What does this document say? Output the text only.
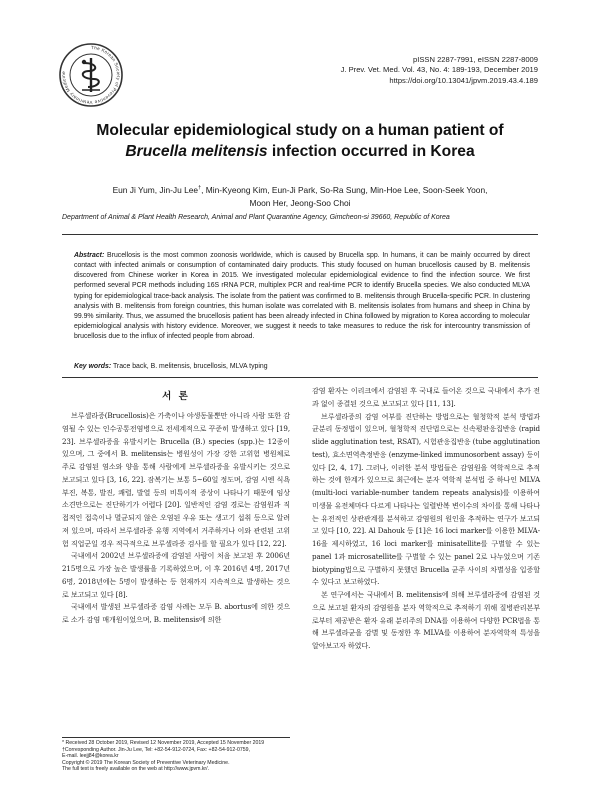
The Korean Society of Preventive Veterinary Medicine
pISSN 2287-7991, eISSN 2287-8009
J. Prev. Vet. Med. Vol. 43, No. 4: 189-193, December 2019
https://doi.org/10.13041/jpvm.2019.43.4.189
Molecular epidemiological study on a human patient of
Brucella melitensis infection occurred in Korea
Eun Ji Yum, Jin-Ju Lee†, Min-Kyeong Kim, Eun-Ji Park, So-Ra Sung, Min-Hoe Lee, Soon-Seek Yoon,
Moon Her, Jeong-Soo Choi
Department of Animal & Plant Health Research, Animal and Plant Quarantine Agency, Gimcheon-si 39660, Republic of Korea
Abstract: Brucellosis is the most common zoonosis worldwide, which is caused by Brucella spp. In humans, it can be mainly occurred by direct contact with infected animals or consumption of contaminated dairy products. This study focused on human brucellosis caused by B. melitensis discovered from Chinese worker in Korea in 2015. We investigated molecular epidemiological evidence to find the infection source. We first performed several PCR methods including 16S rRNA PCR, multiplex PCR and real-time PCR to identify Brucella species. We also conducted MLVA typing for epidemiological trace-back analysis. The isolate from the patient was confirmed to B. melitensis through Brucella-specific PCR. In clustering analysis with B. melitensis from foreign countries, this human isolate was correlated with B. melitensis isolates from humans and sheep in China by 99.9% similarity. Thus, we assumed the brucellosis patient has been already infected in China followed by migration to Korea according to molecular epidemiological analysis with history evidence. Moreover, we suggest it needs to take measures to reduce the risk for intercountry transmission of brucellosis due to the influx of infected people from abroad.
Key words: Trace back, B. melitensis, brucellosis, MLVA typing
서 론

브루셀라증(Brucellosis)은 가축이나 야생동물뿐만 아니라 사람 또한 감염될 수 있는 인수공통전염병으로 전세계적으로 꾸준히 발생하고 있다 [19, 23]. 브루셀라증을 유발시키는 Brucella (B.) species (spp.)는 12종이 있으며, 그 중에서 B. melitensis는 병원성이 가장 강한 고위험 병원체로 주로 감염된 염소와 양을 통해 사람에게 브루셀라증을 유발시키는 것으로 보고되고 있다 [3, 16, 22]. 잠복기는 보통 5~60일 정도며, 감염 시엔 식욕부진, 복통, 발진, 쾌렬, 발열 등의 비특이적 증상이 나타나기 때문에 임상 소견만으로는 진단하기가 어렵다 [20]. 일반적인 감염 경로는 감염원과 직접적인 접촉이나 멸균되지 않은 오염된 우유 또는 생고기 섭취 등으로 알려져 있으며, 따라서 브루셀라증 유행 지역에서 거주하거나 이와 관련된 고위험 직업군일 경우 적극적으로 브루셀라증 검사를 할 필요가 있다 [12, 22].

국내에서 2002년 브루셀라증에 감염된 사람이 처음 보고된 후 2006년 215명으로 가장 높은 발생률을 기록하였으며, 이 후 2016년 4명, 2017년 6명, 2018년에는 5명이 발생하는 등 현재까지 지속적으로 발생하는 것으로 보고되고 있다 [8].

국내에서 발생된 브루셀라증 감염 사례는 모두 B. abortus에 의한 것으로 소가 감염 매개원이었으며, B. melitensis에 의한

감염 환자는 이리크에서 감염된 후 국내로 들어온 것으로 국내에서 추가 전과 없이 종결된 것으로 보고되고 있다 [11, 13].

브루셀라증의 감염 여부를 진단하는 방법으로는 혈청학적 분석 방법과 균분리 동정법이 있으며, 혈청학적 진단법으로는 신속평판응집반응 (rapid slide agglutination test, RSAT), 시험관응집반응 (tube agglutination test), 효소면역측정반응 (enzyme-linked immunosorbent assay) 등이 있다 [2, 4, 17]. 그러나, 이러한 분석 방법들은 감염원을 역학적으로 추적하는 것에 한계가 있으므로 최근에는 분자 역학적 분석법 중 하나인 MLVA (multi-loci variable-number tandem repeats analysis)를 이용하여 미생물 유전체마다 다르게 나타나는 일렬반복 변이수의 차이를 통해 나타나는 유전적인 상관관계를 분석하고 감염원의 원인을 추적하는 연구가 보고되고 있다 [10, 22]. Al Dahouk 등 [1]은 16 loci marker를 이용한 MLVA-16을 제시하였고, 16 loci marker를 minisatellite를 구별할 수 있는 panel 1과 microsatellite를 구별할 수 있는 panel 2로 나누었으며 기존 biotyping법으로 구별하지 못했던 Brucella 균주 사이의 차별성을 입증할 수 있다고 보고하였다.

본 연구에서는 국내에서 B. melitensis에 의해 브루셀라증에 감염된 것으로 보고된 환자의 감염원을 분자 역학적으로 추적하기 위해 질병관리본부로부터 제공받은 환자 유래 분리주의 DNA를 이용하여 다양한 PCR법을 통해 브루셀라균을 감별 및 동정한 후 MLVA를 이용하여 분자역학적 특성을 알아보고자 하였다.

* Received 28 October 2019, Revised 12 November 2019, Accepted 15 November 2019
†Corresponding Author. Jin-Ju Lee, Tel: +82-54-912-0724, Fax: +82-54-912-0759,
E-mail. leejj84@korea.kr
Copyright © 2019 The Korean Society of Preventive Veterinary Medicine.
The full text is freely available on the web at http://www.jpvm.kr/.
